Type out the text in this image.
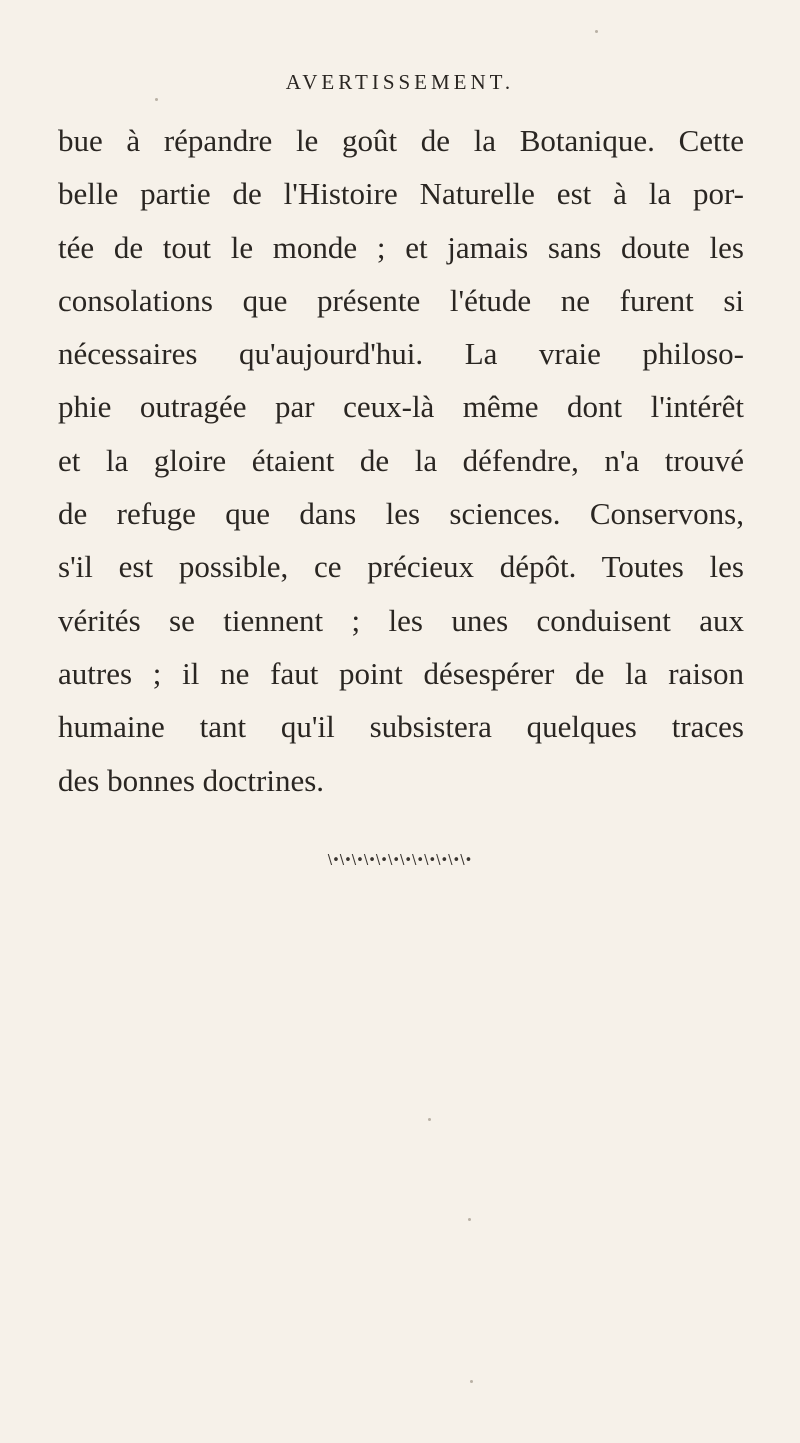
AVERTISSEMENT.
bue à répandre le goût de la Botanique. Cette
belle partie de l'Histoire Naturelle est à la por-
tée de tout le monde ; et jamais sans doute les
consolations que présente l'étude ne furent si
nécessaires qu'aujourd'hui. La vraie philoso-
phie outragée par ceux-là même dont l'intérêt
et la gloire étaient de la défendre, n'a trouvé
de refuge que dans les sciences. Conservons,
s'il est possible, ce précieux dépôt. Toutes les
vérités se tiennent ; les unes conduisent aux
autres ; il ne faut point désespérer de la raison
humaine tant qu'il subsistera quelques traces
des bonnes doctrines.
\•\•\•\•\•\•\•\•\•\•\•\•
